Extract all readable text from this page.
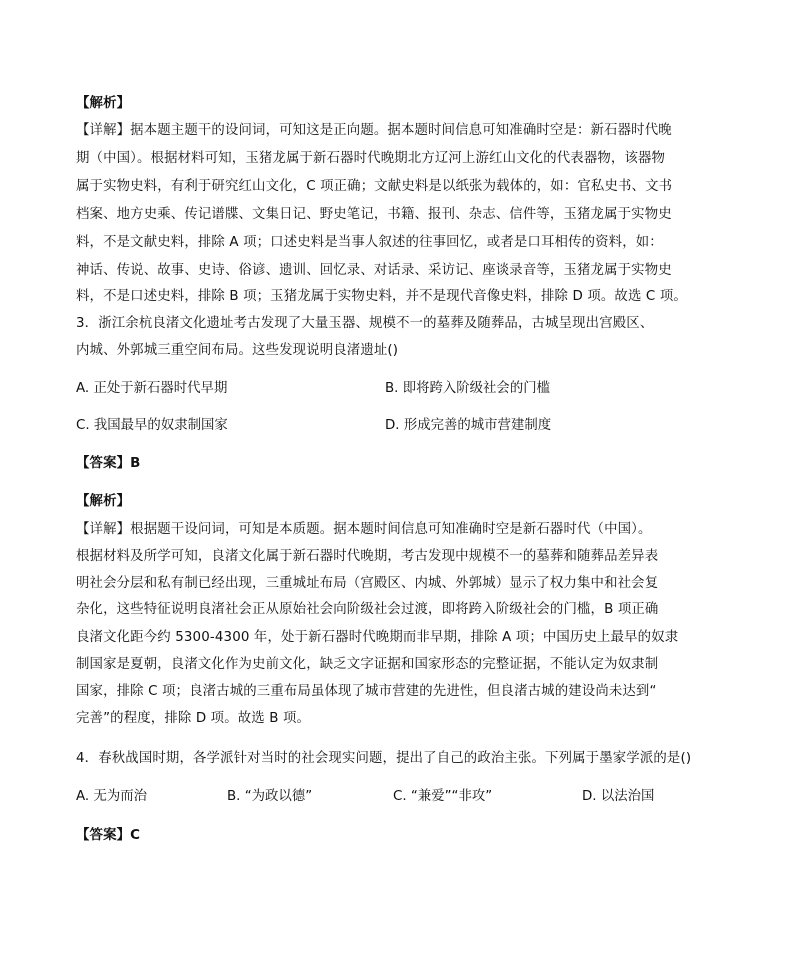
【解析】
【详解】据本题主题干的设问词，可知这是正向题。据本题时间信息可知准确时空是：新石器时代晚
期（中国）。根据材料可知，玉猪龙属于新石器时代晚期北方辽河上游红山文化的代表器物，该器物
属于实物史料，有利于研究红山文化，C 项正确；文献史料是以纸张为载体的，如：官私史书、文书
档案、地方史乘、传记谱牒、文集日记、野史笔记，书籍、报刊、杂志、信件等，玉猪龙属于实物史
料，不是文献史料，排除 A 项；口述史料是当事人叙述的往事回忆，或者是口耳相传的资料，如：
神话、传说、故事、史诗、俗谚、遗训、回忆录、对话录、采访记、座谈录音等，玉猪龙属于实物史
料，不是口述史料，排除 B 项；玉猪龙属于实物史料，并不是现代音像史料，排除 D 项。故选 C 项。
3．浙江余杭良渚文化遗址考古发现了大量玉器、规模不一的墓葬及随葬品，古城呈现出宫殿区、
内城、外郭城三重空间布局。这些发现说明良渚遗址()
A. 正处于新石器时代早期	B. 即将跨入阶级社会的门槛
C. 我国最早的奴隶制国家	D. 形成完善的城市营建制度
【答案】B
【解析】
【详解】根据题干设问词，可知是本质题。据本题时间信息可知准确时空是新石器时代（中国）。
根据材料及所学可知，良渚文化属于新石器时代晚期，考古发现中规模不一的墓葬和随葬品差异表
明社会分层和私有制已经出现，三重城址布局（宫殿区、内城、外郭城）显示了权力集中和社会复
杂化，这些特征说明良渚社会正从原始社会向阶级社会过渡，即将跨入阶级社会的门槛，B 项正确
良渚文化距今约 5300-4300 年，处于新石器时代晚期而非早期，排除 A 项；中国历史上最早的奴隶
制国家是夏朝，良渚文化作为史前文化，缺乏文字证据和国家形态的完整证据，不能认定为奴隶制
国家，排除 C 项；良渚古城的三重布局虽体现了城市营建的先进性，但良渚古城的建设尚未达到“
完善”的程度，排除 D 项。故选 B 项。
4．春秋战国时期，各学派针对当时的社会现实问题，提出了自己的政治主张。下列属于墨家学派的是()
A. 无为而治	B. “为政以德”	C. “兼爱”“非攻”	D. 以法治国
【答案】C
